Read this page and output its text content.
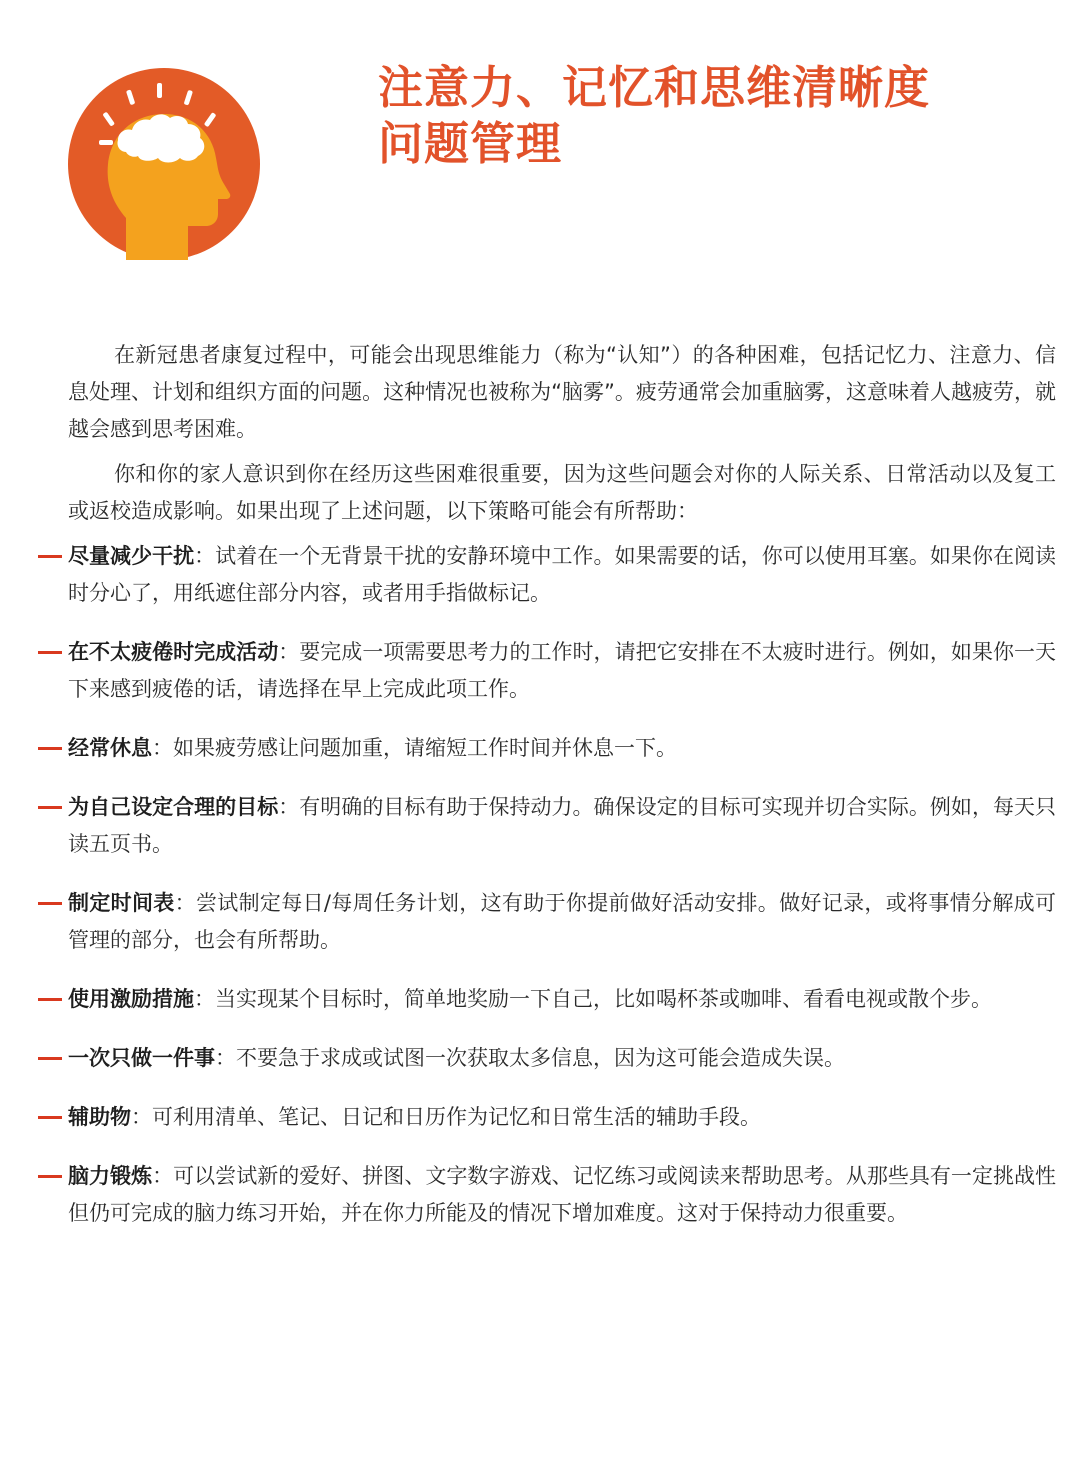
注意力、记忆和思维清晰度
问题管理

在新冠患者康复过程中，可能会出现思维能力（称为“认知”）的各种困难，包括记忆力、注意力、信息处理、计划和组织方面的问题。这种情况也被称为“脑雾”。疲劳通常会加重脑雾，这意味着人越疲劳，就越会感到思考困难。

你和你的家人意识到你在经历这些困难很重要，因为这些问题会对你的人际关系、日常活动以及复工或返校造成影响。如果出现了上述问题，以下策略可能会有所帮助：

尽量减少干扰：试着在一个无背景干扰的安静环境中工作。如果需要的话，你可以使用耳塞。如果你在阅读时分心了，用纸遮住部分内容，或者用手指做标记。
在不太疲倦时完成活动：要完成一项需要思考力的工作时，请把它安排在不太疲时进行。例如，如果你一天下来感到疲倦的话，请选择在早上完成此项工作。
经常休息：如果疲劳感让问题加重，请缩短工作时间并休息一下。
为自己设定合理的目标：有明确的目标有助于保持动力。确保设定的目标可实现并切合实际。例如，每天只读五页书。
制定时间表：尝试制定每日/每周任务计划，这有助于你提前做好活动安排。做好记录，或将事情分解成可管理的部分，也会有所帮助。
使用激励措施：当实现某个目标时，简单地奖励一下自己，比如喝杯茶或咖啡、看看电视或散个步。
一次只做一件事：不要急于求成或试图一次获取太多信息，因为这可能会造成失误。
辅助物：可利用清单、笔记、日记和日历作为记忆和日常生活的辅助手段。
脑力锻炼：可以尝试新的爱好、拼图、文字数字游戏、记忆练习或阅读来帮助思考。从那些具有一定挑战性但仍可完成的脑力练习开始，并在你力所能及的情况下增加难度。这对于保持动力很重要。
